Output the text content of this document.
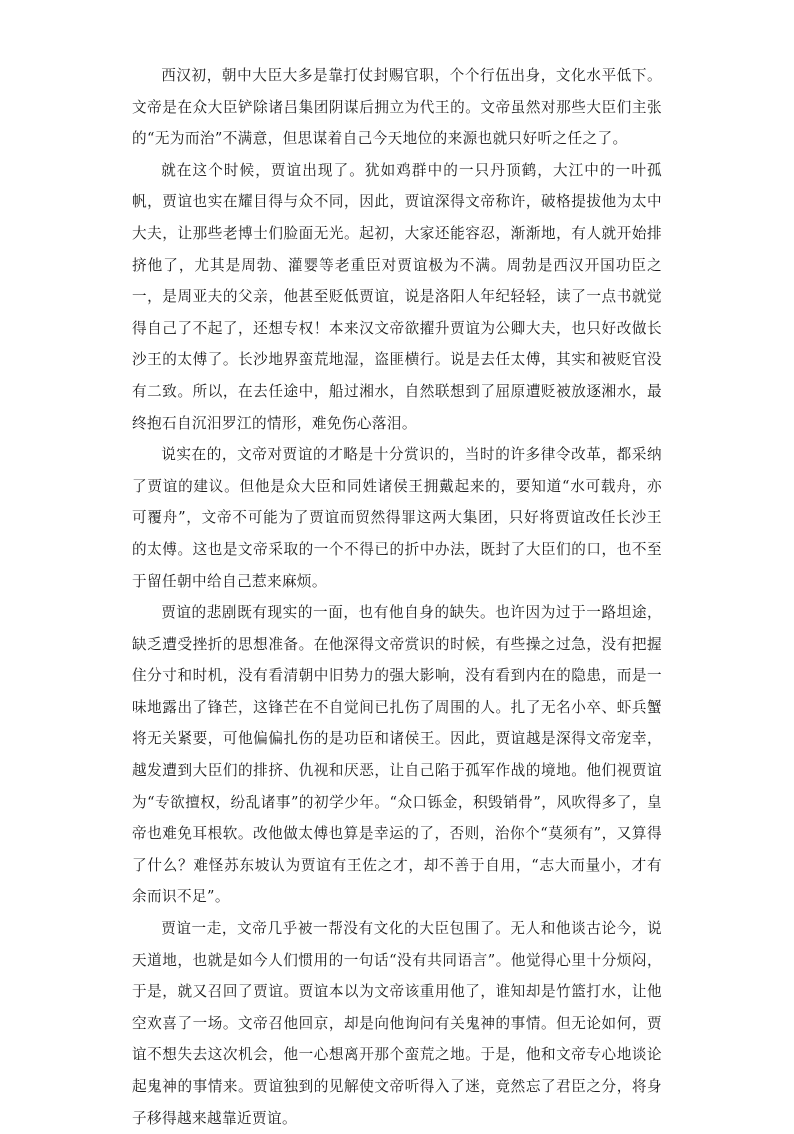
西汉初，朝中大臣大多是靠打仗封赐官职，个个行伍出身，文化水平低下。文帝是在众大臣铲除诸吕集团阴谋后拥立为代王的。文帝虽然对那些大臣们主张的“无为而治”不满意，但思谋着自己今天地位的来源也就只好听之任之了。

就在这个时候，贾谊出现了。犹如鸡群中的一只丹顶鹤，大江中的一叶孤帆，贾谊也实在耀目得与众不同，因此，贾谊深得文帝称许，破格提拔他为太中大夫，让那些老博士们脸面无光。起初，大家还能容忍，渐渐地，有人就开始排挤他了，尤其是周勃、灌婴等老重臣对贾谊极为不满。周勃是西汉开国功臣之一，是周亚夫的父亲，他甚至贬低贾谊，说是洛阳人年纪轻轻，读了一点书就觉得自己了不起了，还想专权！本来汉文帝欲擢升贾谊为公卿大夫，也只好改做长沙王的太傅了。长沙地界蛮荒地湿，盗匪横行。说是去任太傅，其实和被贬官没有二致。所以，在去任途中，船过湘水，自然联想到了屈原遭贬被放逐湘水，最终抱石自沉汨罗江的情形，难免伤心落泪。

说实在的，文帝对贾谊的才略是十分赏识的，当时的许多律令改革，都采纳了贾谊的建议。但他是众大臣和同姓诸侯王拥戴起来的，要知道“水可载舟，亦可覆舟”，文帝不可能为了贾谊而贸然得罪这两大集团，只好将贾谊改任长沙王的太傅。这也是文帝采取的一个不得已的折中办法，既封了大臣们的口，也不至于留任朝中给自己惹来麻烦。

贾谊的悲剧既有现实的一面，也有他自身的缺失。也许因为过于一路坦途，缺乏遭受挫折的思想准备。在他深得文帝赏识的时候，有些操之过急，没有把握住分寸和时机，没有看清朝中旧势力的强大影响，没有看到内在的隐患，而是一味地露出了锋芒，这锋芒在不自觉间已扎伤了周围的人。扎了无名小卒、虾兵蟹将无关紧要，可他偏偏扎伤的是功臣和诸侯王。因此，贾谊越是深得文帝宠幸，越发遭到大臣们的排挤、仇视和厌恶，让自己陷于孤军作战的境地。他们视贾谊为“专欲擅权，纷乱诸事”的初学少年。“众口铄金，积毁销骨”，风吹得多了，皇帝也难免耳根软。改他做太傅也算是幸运的了，否则，治你个“莫须有”，又算得了什么？难怪苏东坡认为贾谊有王佐之才，却不善于自用，“志大而量小，才有余而识不足”。

贾谊一走，文帝几乎被一帮没有文化的大臣包围了。无人和他谈古论今，说天道地，也就是如今人们惯用的一句话“没有共同语言”。他觉得心里十分烦闷，于是，就又召回了贾谊。贾谊本以为文帝该重用他了，谁知却是竹篮打水，让他空欢喜了一场。文帝召他回京，却是向他询问有关鬼神的事情。但无论如何，贾谊不想失去这次机会，他一心想离开那个蛮荒之地。于是，他和文帝专心地谈论起鬼神的事情来。贾谊独到的见解使文帝听得入了迷，竟然忘了君臣之分，将身子移得越来越靠近贾谊。
